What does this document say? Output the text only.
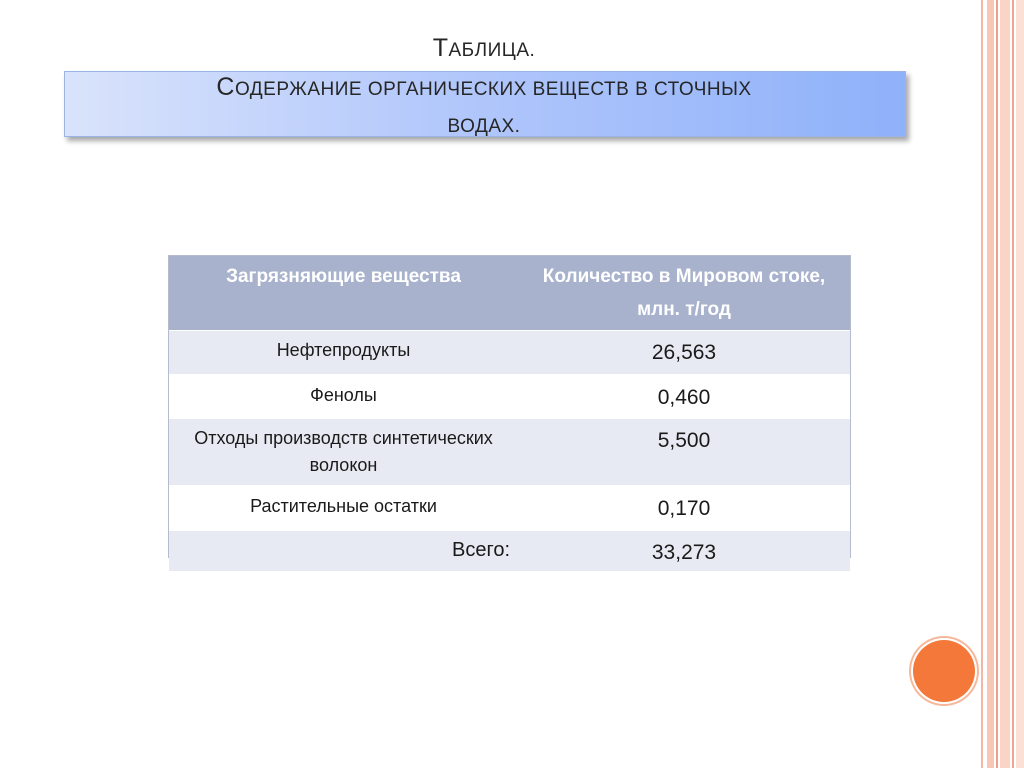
ТАБЛИЦА.
СОДЕРЖАНИЕ ОРГАНИЧЕСКИХ ВЕЩЕСТВ В СТОЧНЫХ
ВОДАХ.
Загрязняющие вещества	Количество в Мировом стоке, млн. т/год
Нефтепродукты	26,563
Фенолы	0,460
Отходы производств синтетических волокон	5,500
Растительные остатки	0,170
Всего:	33,273
